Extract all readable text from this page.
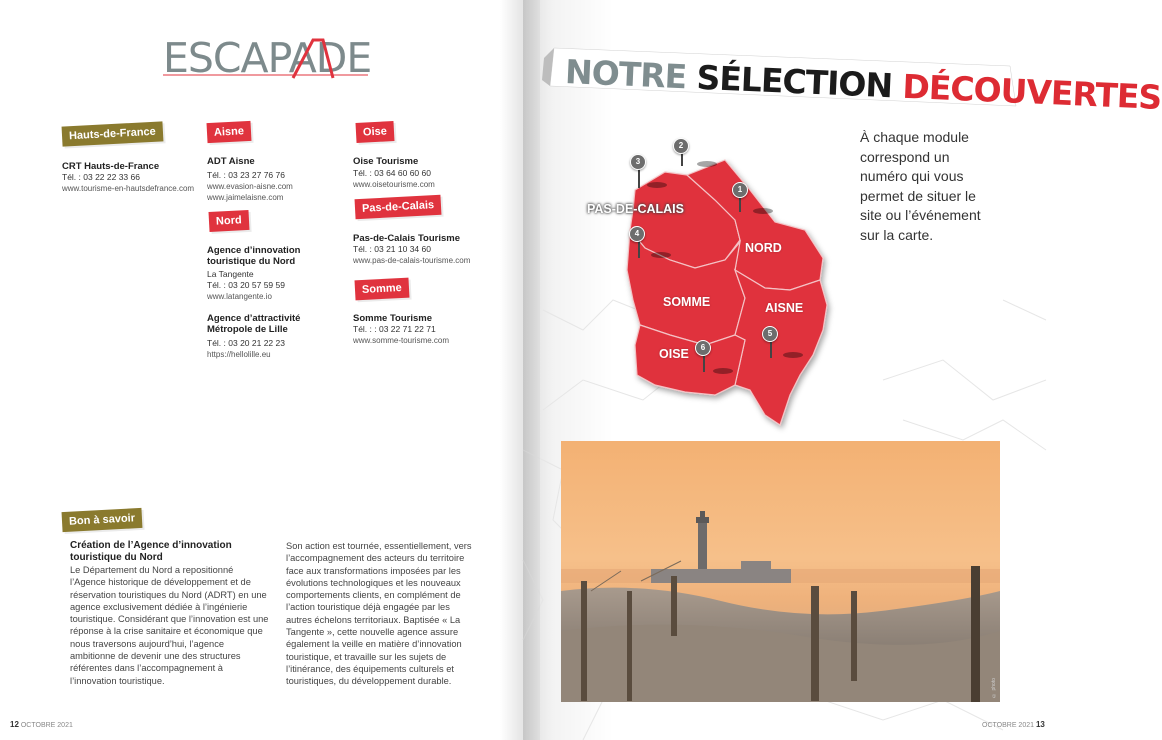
ESCAPADE
Hauts-de-France
CRT Hauts-de-France
Tél. : 03 22 22 33 66
www.tourisme-en-hautsdefrance.com
Aisne
ADT Aisne
Tél. : 03 23 27 76 76
www.evasion-aisne.com
www.jaimelaisne.com
Nord
Agence d’innovation touristique du Nord
La Tangente
Tél. : 03 20 57 59 59
www.latangente.io
Agence d’attractivité Métropole de Lille
Tél. : 03 20 21 22 23
https://hellolille.eu
Oise
Oise Tourisme
Tél. : 03 64 60 60 60
www.oisetourisme.com
Pas-de-Calais
Pas-de-Calais Tourisme
Tél. : 03 21 10 34 60
www.pas-de-calais-tourisme.com
Somme
Somme Tourisme
Tél. : : 03 22 71 22 71
www.somme-tourisme.com
Bon à savoir
Création de l’Agence d’innovation touristique du Nord
Le Département du Nord a repositionné l’Agence historique de développement et de réservation touristiques du Nord (ADRT) en une agence exclusivement dédiée à l’ingénierie touristique. Considérant que l’innovation est une réponse à la crise sanitaire et économique que nous traversons aujourd’hui, l’agence ambitionne de devenir une des structures référentes dans l’accompagnement à l’innovation touristique.
Son action est tournée, essentiellement, vers l’accompagnement des acteurs du territoire face aux transformations imposées par les évolutions technologiques et les nouveaux comportements clients, en complément de l’action touristique déjà engagée par les autres échelons territoriaux. Baptisée « La Tangente », cette nouvelle agence assure également la veille en matière d’innovation touristique, et travaille sur les sujets de l’itinérance, des équipements culturels et touristiques, du développement durable.
12 OCTOBRE 2021
NOTRE SÉLECTION DÉCOUVERTES
À chaque module correspond un numéro qui vous permet de situer le site ou l’événement sur la carte.
PAS-DE-CALAIS
NORD
SOMME	AISNE
OISE
1
2
3
4
5
6
© photo
OCTOBRE 2021 13
